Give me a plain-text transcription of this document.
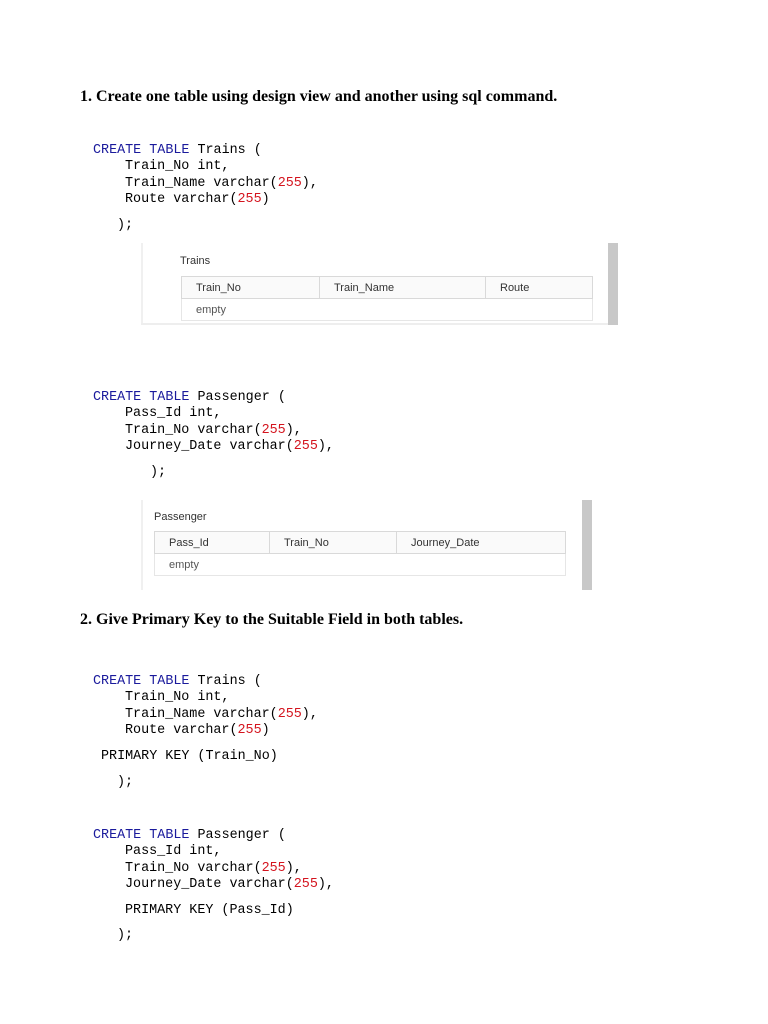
1. Create one table using design view and another using sql command.

CREATE TABLE Trains (
Train_No int,
Train_Name varchar(255),
Route varchar(255)
);

Trains
Train_No	Train_Name	Route
empty

CREATE TABLE Passenger (
Pass_Id int,
Train_No varchar(255),
Journey_Date varchar(255),
);

Passenger
Pass_Id	Train_No	Journey_Date
empty
2. Give Primary Key to the Suitable Field in both tables.

CREATE TABLE Trains (
Train_No int,
Train_Name varchar(255),
Route varchar(255)
PRIMARY KEY (Train_No)
);

CREATE TABLE Passenger (
Pass_Id int,
Train_No varchar(255),
Journey_Date varchar(255),
PRIMARY KEY (Pass_Id)
);
